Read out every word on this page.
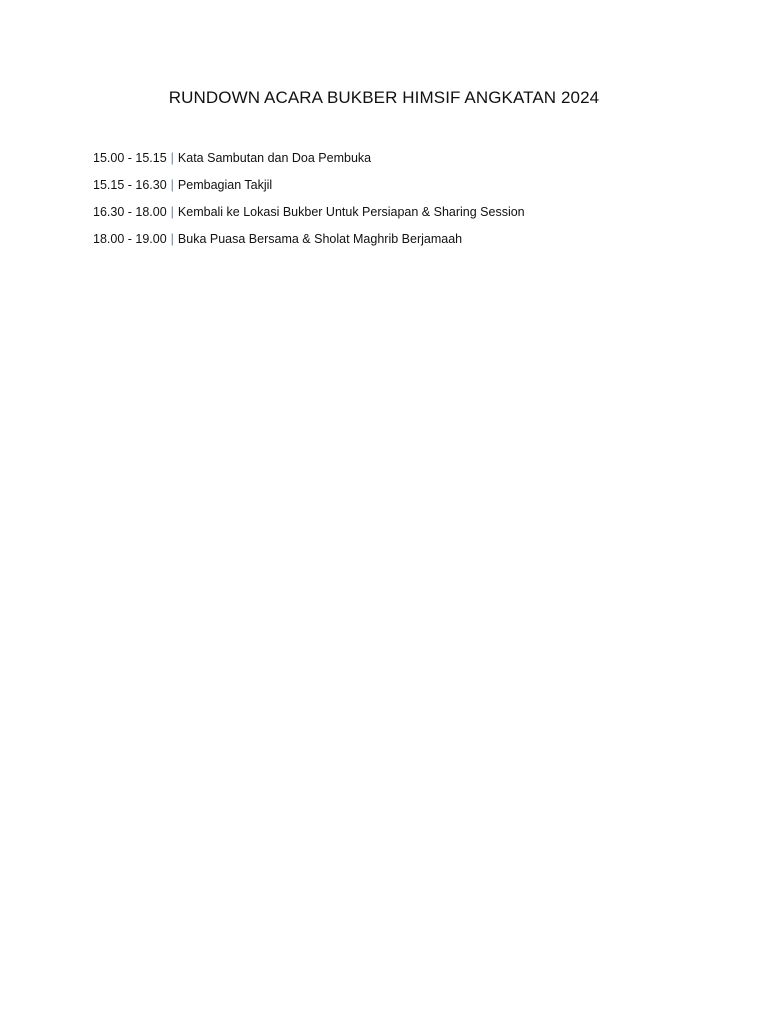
RUNDOWN ACARA BUKBER HIMSIF ANGKATAN 2024
15.00 - 15.15 | Kata Sambutan dan Doa Pembuka
15.15 - 16.30 | Pembagian Takjil
16.30 - 18.00 | Kembali ke Lokasi Bukber Untuk Persiapan & Sharing Session
18.00 - 19.00 | Buka Puasa Bersama & Sholat Maghrib Berjamaah
